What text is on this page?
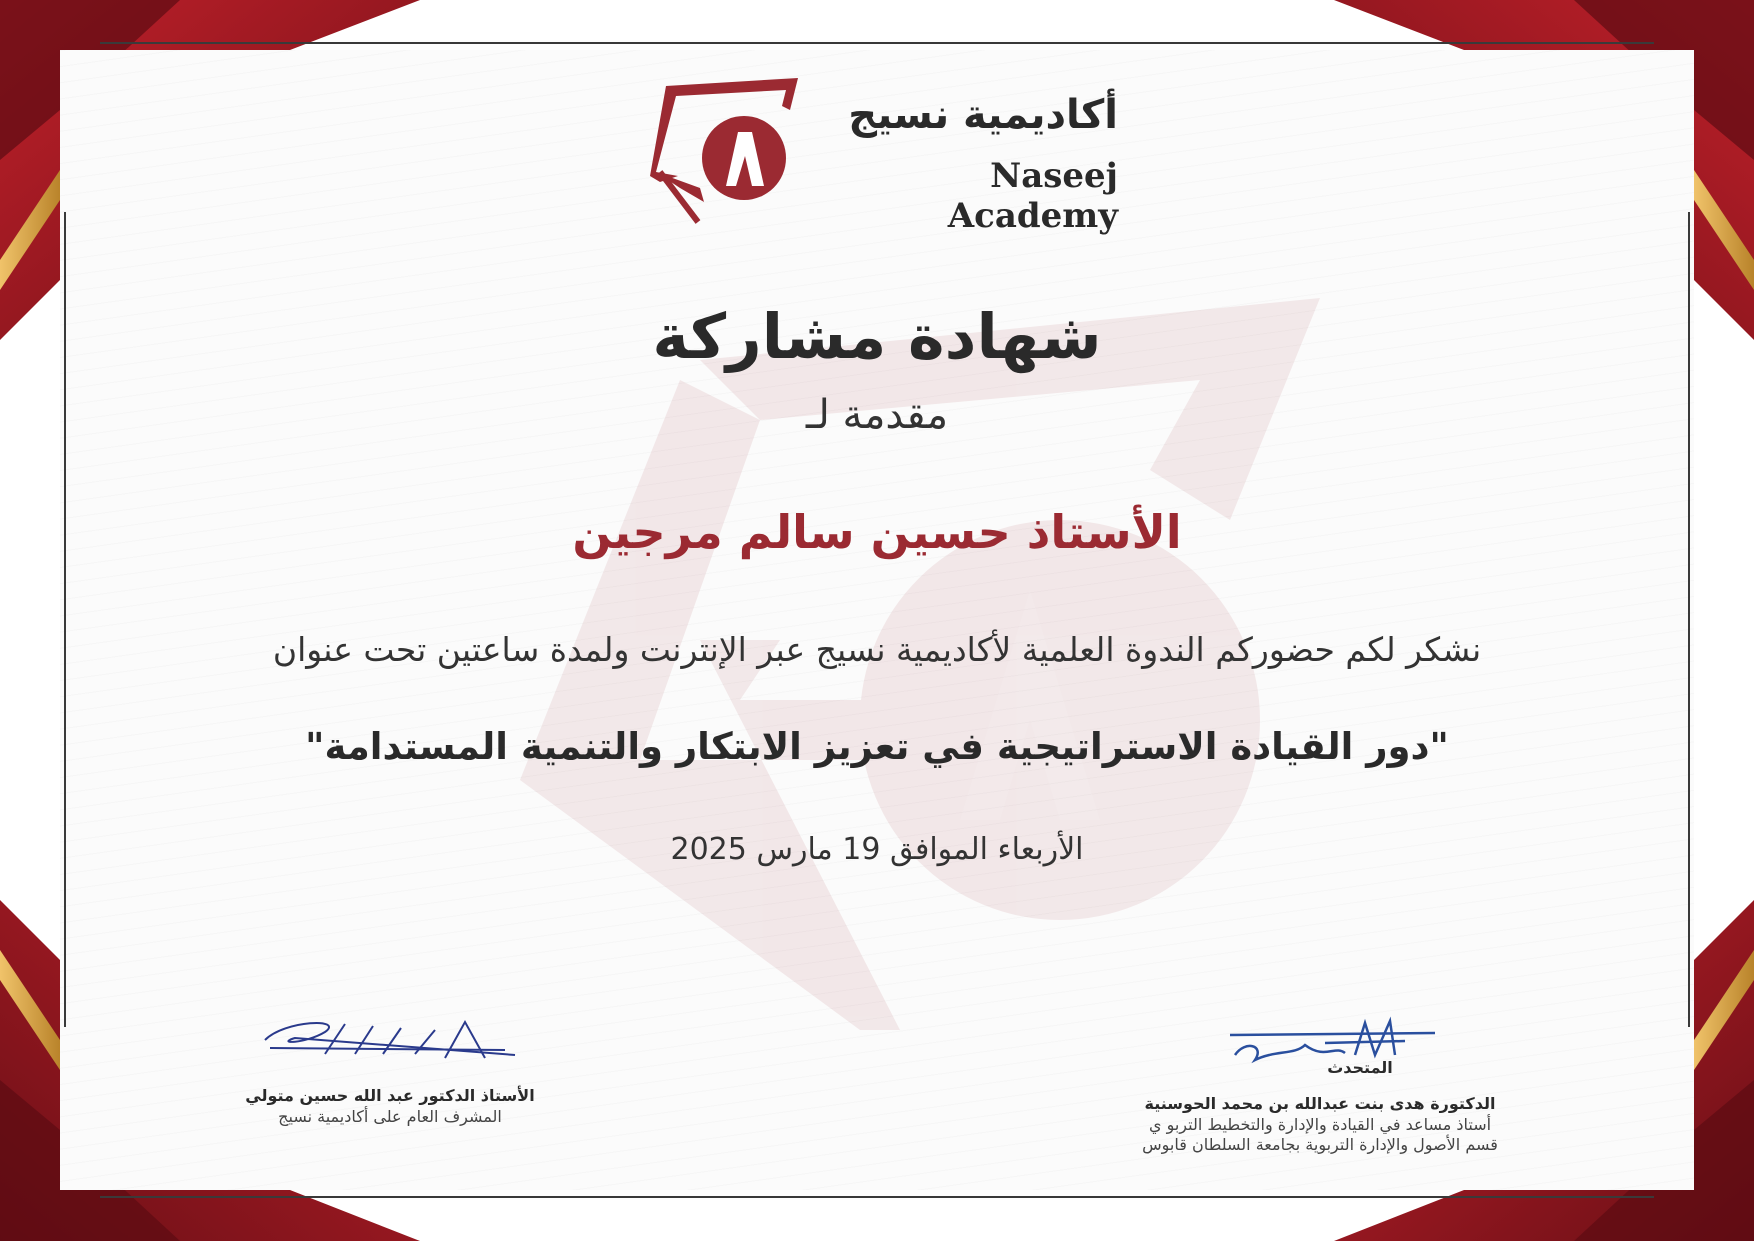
أكاديمية نسيج
Naseej Academy
شهادة مشاركة
مقدمة لـ
الأستاذ حسين سالم مرجين
نشكر لكم حضوركم الندوة العلمية لأكاديمية نسيج عبر الإنترنت ولمدة ساعتين تحت عنوان
"دور القيادة الاستراتيجية في تعزيز الابتكار والتنمية المستدامة"
الأربعاء الموافق 19 مارس 2025
الأستاذ الدكتور عبد الله حسين متولي
المشرف العام على أكاديمية نسيج
المتحدث
الدكتورة هدى بنت عبدالله بن محمد الحوسنية
أستاذ مساعد في القيادة والإدارة والتخطيط التربو ي
قسم الأصول والإدارة التربوية بجامعة السلطان قابوس
